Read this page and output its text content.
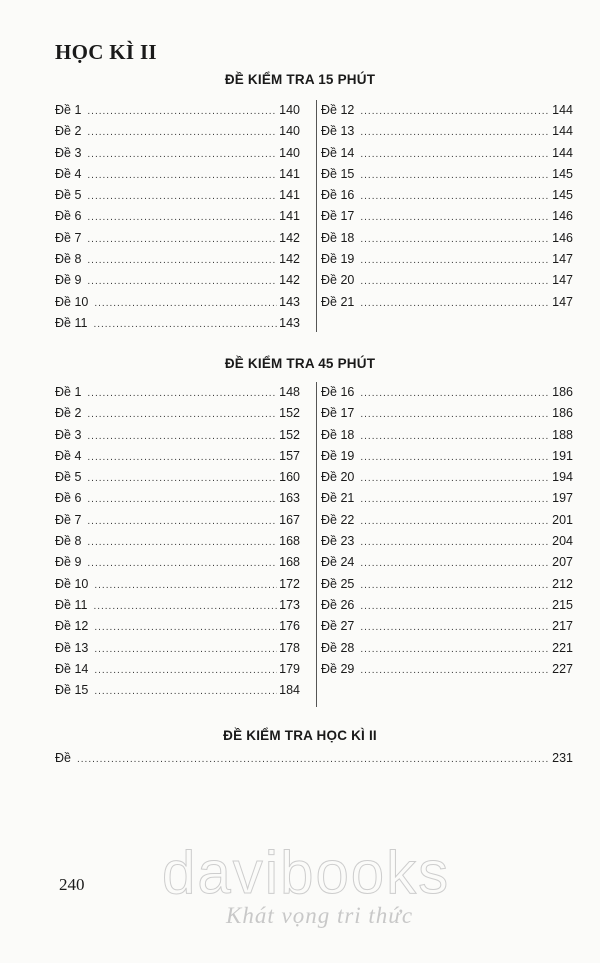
HỌC KÌ II
ĐỀ KIỂM TRA 15 PHÚT
Đề 1 .....	140
Đề 2 .....	140
Đề 3 .....	140
Đề 4 .....	141
Đề 5 .....	141
Đề 6 .....	141
Đề 7 .....	142
Đề 8 .....	142
Đề 9 .....	142
Đề 10 .....	143
Đề 11 .....	143
Đề 12 .....	144
Đề 13 .....	144
Đề 14 .....	144
Đề 15 .....	145
Đề 16 .....	145
Đề 17 .....	146
Đề 18 .....	146
Đề 19 .....	147
Đề 20 .....	147
Đề 21 .....	147
ĐỀ KIỂM TRA 45 PHÚT
Đề 1 .....	148
Đề 2 .....	152
Đề 3 .....	152
Đề 4 .....	157
Đề 5 .....	160
Đề 6 .....	163
Đề 7 .....	167
Đề 8 .....	168
Đề 9 .....	168
Đề 10 .....	172
Đề 11 .....	173
Đề 12 .....	176
Đề 13 .....	178
Đề 14 .....	179
Đề 15 .....	184
Đề 16 .....	186
Đề 17 .....	186
Đề 18 .....	188
Đề 19 .....	191
Đề 20 .....	194
Đề 21 .....	197
Đề 22 .....	201
Đề 23 .....	204
Đề 24 .....	207
Đề 25 .....	212
Đề 26 .....	215
Đề 27 .....	217
Đề 28 .....	221
Đề 29 .....	227
ĐỀ KIỂM TRA HỌC KÌ II
Đề .....	231
240 davibooks
Khát vọng tri thức
